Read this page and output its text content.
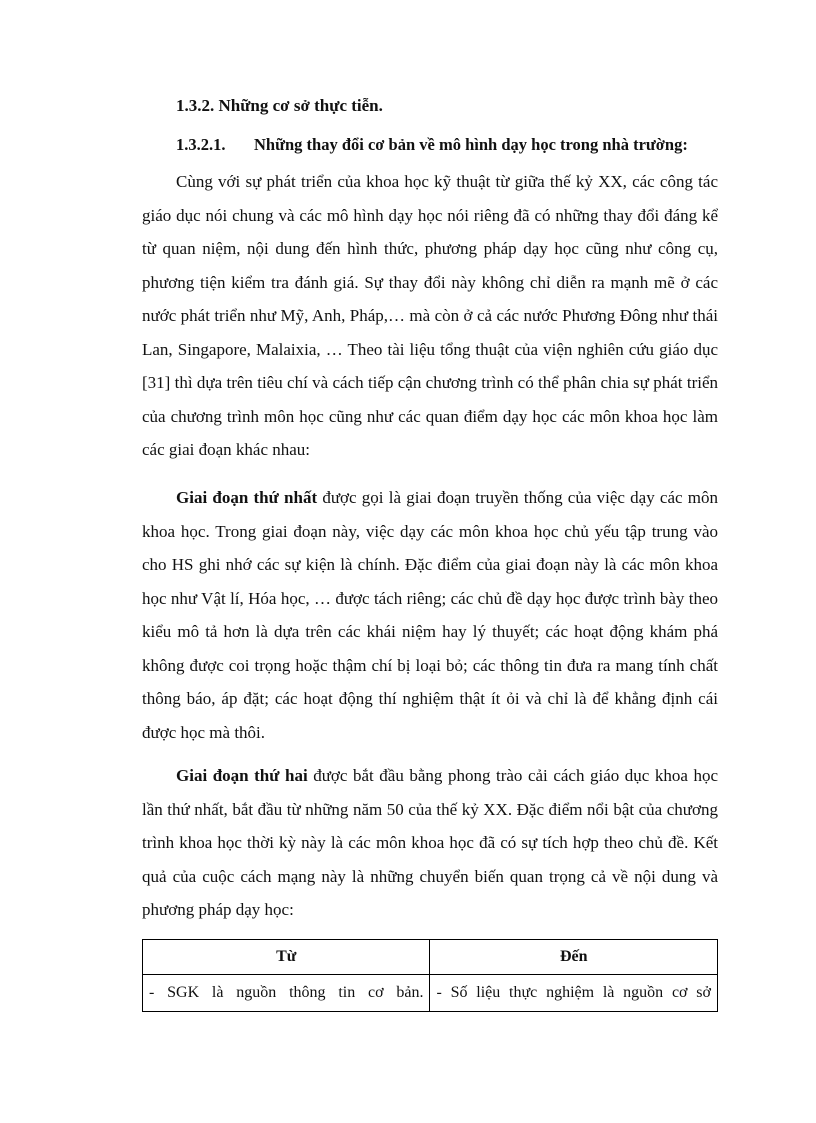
1.3.2. Những cơ sở thực tiễn.
1.3.2.1. Những thay đổi cơ bản về mô hình dạy học trong nhà trường:

Cùng với sự phát triển của khoa học kỹ thuật từ giữa thế kỷ XX, các công tác giáo dục nói chung và các mô hình dạy học nói riêng đã có những thay đổi đáng kể từ quan niệm, nội dung đến hình thức, phương pháp dạy học cũng như công cụ, phương tiện kiểm tra đánh giá. Sự thay đổi này không chỉ diễn ra mạnh mẽ ở các nước phát triển như Mỹ, Anh, Pháp,… mà còn ở cả các nước Phương Đông như thái Lan, Singapore, Malaixia, … Theo tài liệu tổng thuật của viện nghiên cứu giáo dục [31] thì dựa trên tiêu chí và cách tiếp cận chương trình có thể phân chia sự phát triển của chương trình môn học cũng như các quan điểm dạy học các môn khoa học làm các giai đoạn khác nhau:

Giai đoạn thứ nhất được gọi là giai đoạn truyền thống của việc dạy các môn khoa học. Trong giai đoạn này, việc dạy các môn khoa học chủ yếu tập trung vào cho HS ghi nhớ các sự kiện là chính. Đặc điểm của giai đoạn này là các môn khoa học như Vật lí, Hóa học, … được tách riêng; các chủ đề dạy học được trình bày theo kiểu mô tả hơn là dựa trên các khái niệm hay lý thuyết; các hoạt động khám phá không được coi trọng hoặc thậm chí bị loại bỏ; các thông tin đưa ra mang tính chất thông báo, áp đặt; các hoạt động thí nghiệm thật ít ỏi và chỉ là để khẳng định cái được học mà thôi.

Giai đoạn thứ hai được bắt đầu bằng phong trào cải cách giáo dục khoa học lần thứ nhất, bắt đầu từ những năm 50 của thế kỷ XX. Đặc điểm nổi bật của chương trình khoa học thời kỳ này là các môn khoa học đã có sự tích hợp theo chủ đề. Kết quả của cuộc cách mạng này là những chuyển biến quan trọng cả về nội dung và phương pháp dạy học:

Từ	Đến
- SGK là nguồn thông tin cơ bản.	- Số liệu thực nghiệm là nguồn cơ sở
